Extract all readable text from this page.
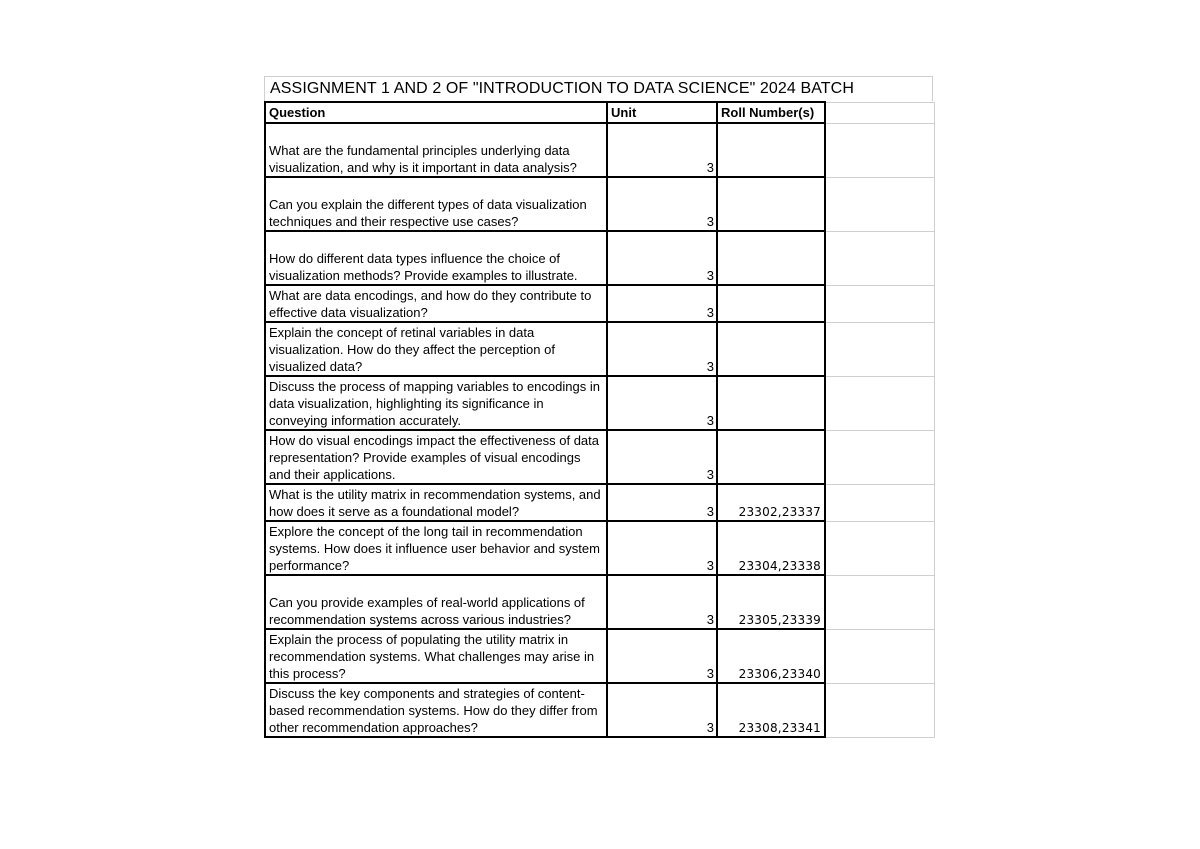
ASSIGNMENT 1 AND 2 OF "INTRODUCTION TO DATA SCIENCE" 2024 BATCH
Question	Unit	Roll Number(s)	

What are the fundamental principles underlying data visualization, and why is it important in data analysis?	3		

Can you explain the different types of data visualization techniques and their respective use cases?	3		

How do different data types influence the choice of visualization methods? Provide examples to illustrate.	3		

What are data encodings, and how do they contribute to effective data visualization?	3		

Explain the concept of retinal variables in data visualization. How do they affect the perception of visualized data?	3		

Discuss the process of mapping variables to encodings in data visualization, highlighting its significance in conveying information accurately.	3		

How do visual encodings impact the effectiveness of data representation? Provide examples of visual encodings and their applications.	3		

What is the utility matrix in recommendation systems, and how does it serve as a foundational model?	3	23302,23337	

Explore the concept of the long tail in recommendation systems. How does it influence user behavior and system performance?	3	23304,23338	

Can you provide examples of real-world applications of recommendation systems across various industries?	3	23305,23339	

Explain the process of populating the utility matrix in recommendation systems. What challenges may arise in this process?	3	23306,23340	

Discuss the key components and strategies of content-based recommendation systems. How do they differ from other recommendation approaches?	3	23308,23341	
